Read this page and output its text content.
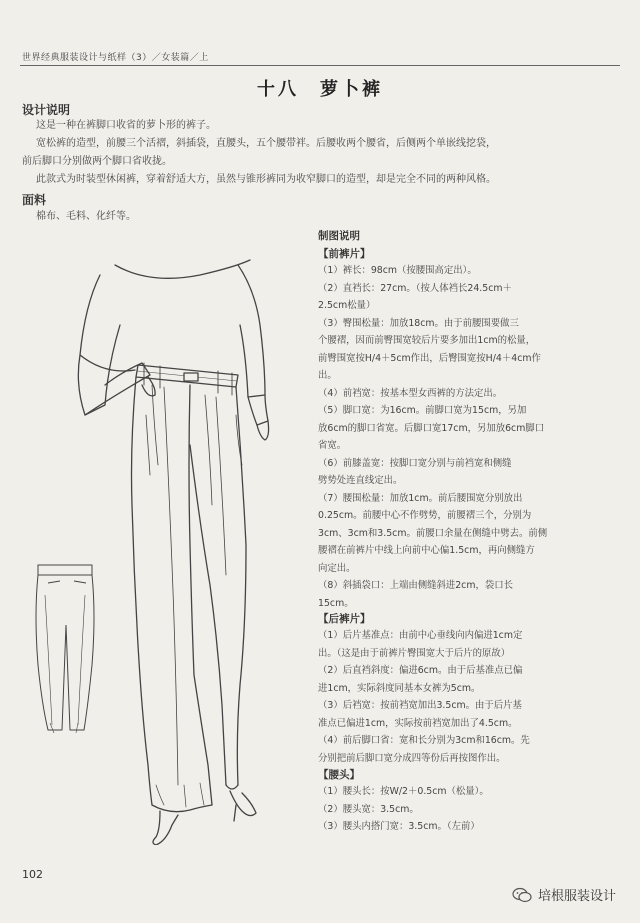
世界经典服装设计与纸样（3）／女装篇／上
十八　萝卜裤
设计说明
这是一种在裤脚口收省的萝卜形的裤子。
宽松裤的造型，前腰三个活褶，斜插袋，直腰头，五个腰带袢。后腰收两个腰省，后侧两个单嵌线挖袋，
前后脚口分别做两个脚口省收拢。
此款式为时装型休闲裤，穿着舒适大方，虽然与锥形裤同为收窄脚口的造型，却是完全不同的两种风格。
面料
棉布、毛料、化纤等。
制图说明
【前裤片】
（1）裤长：98cm（按腰围高定出）。
（2）直裆长：27cm。（按人体裆长24.5cm＋
2.5cm松量）
（3）臀围松量：加放18cm。由于前腰围要做三
个腰褶，因而前臀围宽较后片要多加出1cm的松量，
前臀围宽按H/4＋5cm作出，后臀围宽按H/4＋4cm作
出。
（4）前裆宽：按基本型女西裤的方法定出。
（5）脚口宽：为16cm。前脚口宽为15cm，另加
放6cm的脚口省宽。后脚口宽17cm，另加放6cm脚口
省宽。
（6）前膝盖宽：按脚口宽分别与前裆宽和侧缝
劈势处连直线定出。
（7）腰围松量：加放1cm。前后腰围宽分别放出
0.25cm。前腰中心不作劈势，前腰褶三个，分别为
3cm、3cm和3.5cm。前腰口余量在侧缝中劈去。前侧
腰褶在前裤片中线上向前中心偏1.5cm，再向侧缝方
向定出。
（8）斜插袋口：上端由侧缝斜进2cm，袋口长
15cm。
【后裤片】
（1）后片基准点：由前中心垂线向内偏进1cm定
出。（这是由于前裤片臀围宽大于后片的原故）
（2）后直裆斜度：偏进6cm。由于后基准点已偏
进1cm，实际斜度同基本女裤为5cm。
（3）后裆宽：按前裆宽加出3.5cm。由于后片基
准点已偏进1cm，实际按前裆宽加出了4.5cm。
（4）前后脚口省：宽和长分别为3cm和16cm。先
分别把前后脚口宽分成四等份后再按图作出。
【腰头】
（1）腰头长：按W/2＋0.5cm（松量）。
（2）腰头宽：3.5cm。
（3）腰头内搭门宽：3.5cm。（左前）
102
培根服装设计
